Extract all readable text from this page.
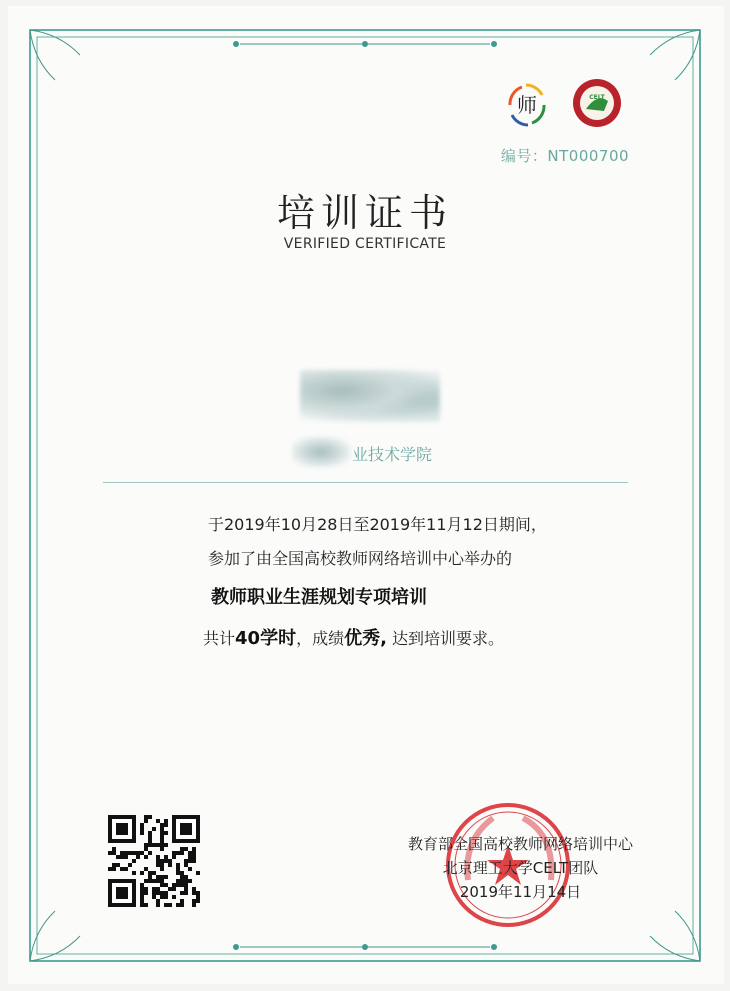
师	CELT
编号：NT000700
培训证书
VERIFIED CERTIFICATE
业技术学院
于2019年10月28日至2019年11月12日期间，
参加了由全国高校教师网络培训中心举办的
教师职业生涯规划专项培训
共计40学时，成绩优秀, 达到培训要求。
教育部全国高校教师网络培训中心
北京理工大学CELT团队
2019年11月14日
